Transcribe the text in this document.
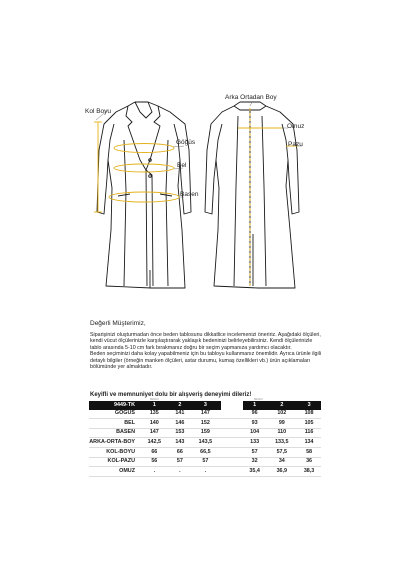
Kol Boyu
Göğüs
Bel
Basen
Arka Ortadan Boy
Omuz
Pazu

Değerli Müşterimiz,

Siparişinizi oluşturmadan önce beden tablosunu dikkatlice incelemenizi öneririz. Aşağıdaki ölçüleri, kendi vücut ölçülerinizle karşılaştırarak yaklaşık bedeninizi belirleyebilirsiniz. Kendi ölçülerinizle tablo arasında 5-10 cm fark bırakmanız doğru bir seçim yapmanıza yardımcı olacaktır.

Beden seçiminizi daha kolay yapabilmeniz için bu tabloyu kullanmanız önemlidir. Ayrıca ürünle ilgili detaylı bilgiler (örneğin manken ölçüleri, astar durumu, kumaş özellikleri vb.) ürün açıklamaları bölümünde yer almaktadır.

Keyifli ve memnuniyet dolu bir alışveriş deneyimi dileriz!
BEDEN	BEDEN
9449-TK	1	2	3		1	2	3
GÖĞÜS	135	141	147		96	102	108
BEL	140	146	152		93	99	105
BASEN	147	153	159		104	110	116
ARKA-ORTA-BOY	142,5	143	143,5		133	133,5	134
KOL-BOYU	66	66	66,5		57	57,5	58
KOL-PAZU	56	57	57		32	34	36
OMUZ	.	.	.		35,4	36,9	38,3
